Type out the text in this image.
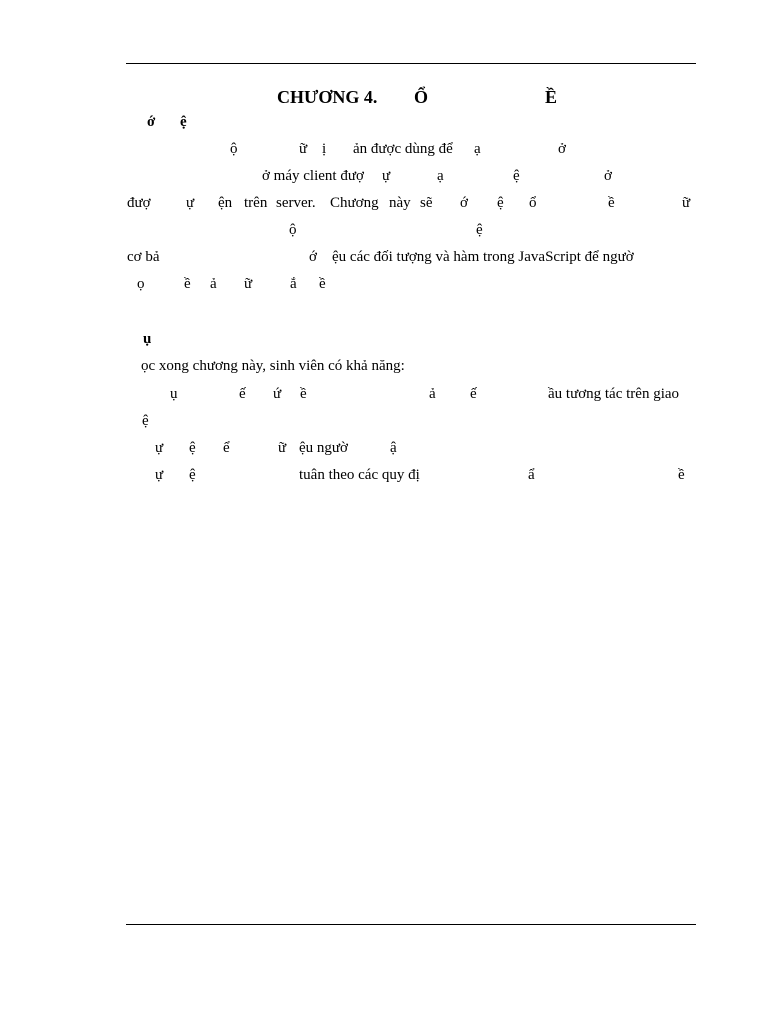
CHƯƠNG 4. Ổ	Ề
ớ ệ
ộ	ữ ị ản được dùng để ạ	ở
ở máy client đượ ự	ạ	ệ	ở
đượ ự ện trên server. Chương này sẽ ớ ệ ổ	ề	ữ
ộ	ệ
cơ bả	ớ ệu các đối tượng và hàm trong JavaScript để ngườ
ọ	ề ả ữ	ắ ề
ụ
ọc xong chương này, sinh viên có khả năng:
ụ	ế ứ ề	ả ế	ầu tương tác trên giao
ệ
ự ệ ể	ữ ệu ngườ	ậ
ự ệ	tuân theo các quy đị	ẩ	ề
